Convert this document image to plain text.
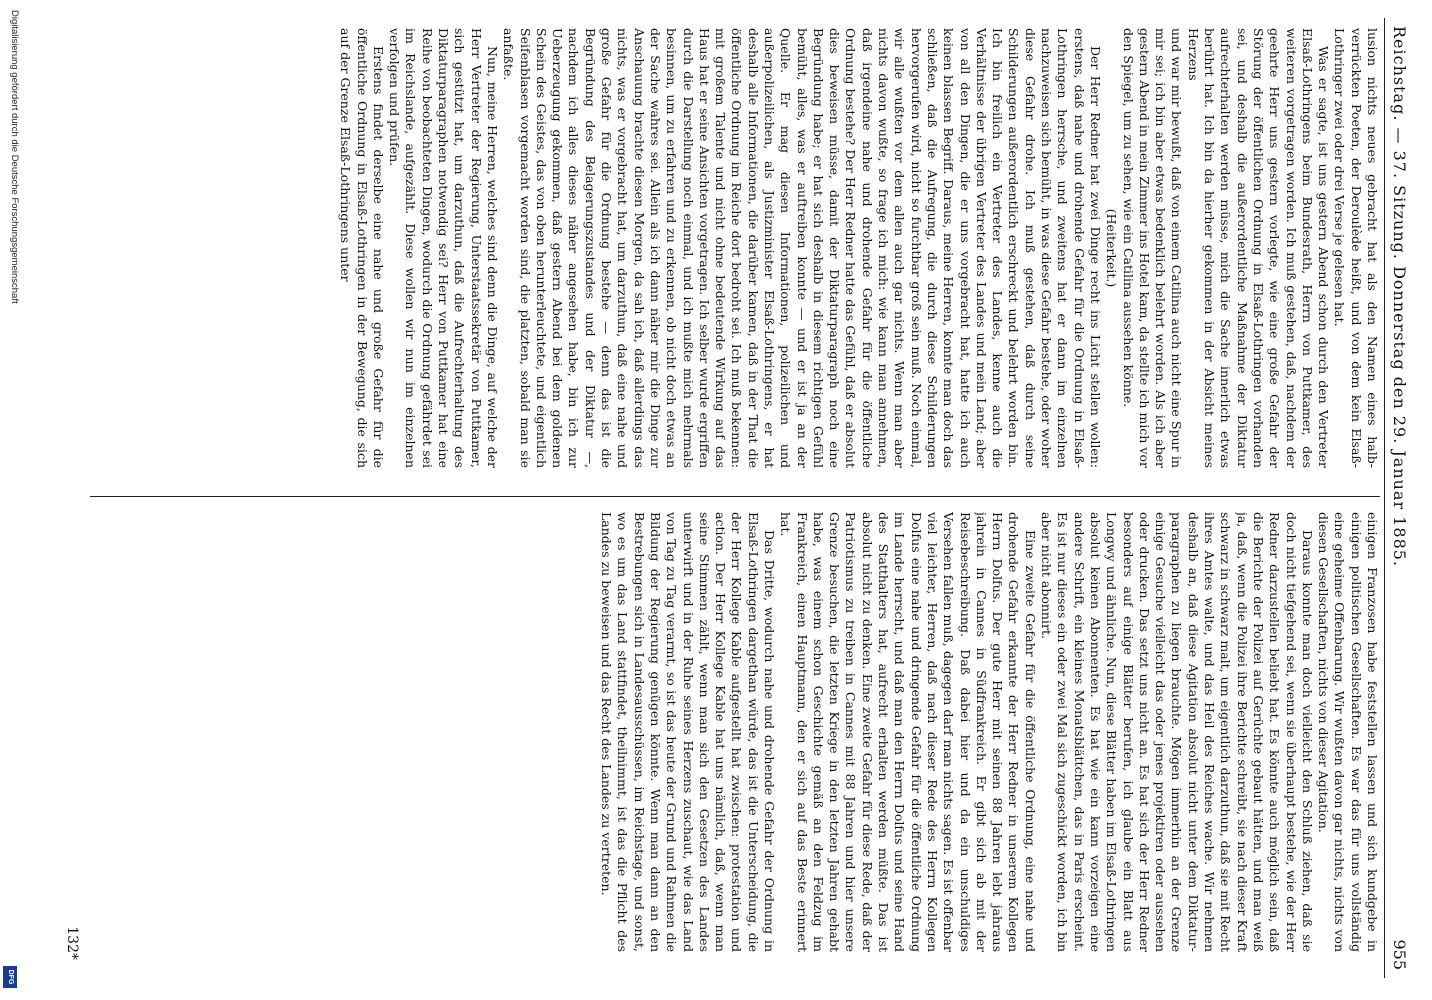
Reichstag. — 37. Sitzung. Donnerstag den 29. Januar 1885.
955

lusion nichts neues gebracht hat als den Namen eines halb-verrückten Poeten, der Deroulède heißt, und von dem kein Elsaß-Lothringer zwei oder drei Verse je gelesen hat.

Was er sagte, ist uns gestern Abend schon durch den Vertreter Elsaß-Lothringens beim Bundesrath, Herrn von Puttkamer, des weiteren vorgetragen worden. Ich muß gestehen, daß, nachdem der geehrte Herr uns gestern vorlegte, wie eine große Gefahr der Störung der öffentlichen Ordnung in Elsaß-Lothringen vorhanden sei, und deshalb die außerordentliche Maßnahme der Diktatur aufrechterhalten werden müsse, mich die Sache innerlich etwas berührt hat. Ich bin da hierher gekommen in der Absicht meines Herzens

und war mir bewußt, daß von einem Catilina auch nicht eine Spur in mir sei; ich bin aber etwas bedenklich belehrt worden. Als ich aber gestern Abend in mein Zimmer ins Hotel kam, da stellte ich mich vor den Spiegel, um zu sehen, wie ein Catilina aussehen könne.

(Heiterkeit.)

Der Herr Redner hat zwei Dinge recht ins Licht stellen wollen: erstens, daß nahe und drohende Gefahr für die Ordnung in Elsaß-Lothringen herrsche, und zweitens hat er dann im einzelnen nachzuweisen sich bemüht, in was diese Gefahr bestehe, oder woher diese Gefahr drohe. Ich muß gestehen, daß durch seine Schilderungen außerordentlich erschreckt und belehrt worden bin. Ich bin freilich ein Vertreter des Landes, kenne auch die Verhältnisse der übrigen Vertreter des Landes und mein Land; aber von all den Dingen, die er uns vorgebracht hat, hatte ich auch keinen blassen Begriff. Daraus, meine Herren, konnte man doch das schließen, daß die Aufregung, die durch diese Schilderungen hervorgerufen wird, nicht so furchtbar groß sein muß. Noch einmal, wir alle wußten vor dem allen auch gar nichts. Wenn man aber nichts davon wußte, so frage ich mich: wie kann man annehmen, daß irgendeine nahe und drohende Gefahr für die öffentliche Ordnung bestehe? Der Herr Redner hatte das Gefühl, daß er absolut dies beweisen müsse, damit der Diktaturparagraph noch eine Begründung habe; er hat sich deshalb in diesem richtigen Gefühl bemüht, alles, was er auftreiben konnte — und er ist ja an der Quelle. Er mag diesen Informationen, polizeilichen und außerpolizeilichen, als Justizminister Elsaß-Lothringens, er hat deshalb alle Informationen, die darüber kamen, daß in der That die öffentliche Ordnung im Reiche dort bedroht sei. Ich muß bekennen: mit großem Talente und nicht ohne bedeutende Wirkung auf das Haus hat er seine Ansichten vorgetragen. Ich selber wurde ergriffen durch die Darstellung noch einmal, und ich mußte mich mehrmals besinnen, um zu erfahren und zu erkennen, ob nicht doch etwas an der Sache wahres sei. Allein als ich dann näher mir die Dinge zur Anschauung brachte diesen Morgen, da sah ich, daß allerdings das nichts, was er vorgebracht hat, um darzuthun, daß eine nahe und große Gefahr für die Ordnung bestehe — denn das ist die Begründung des Belagerungszustandes und der Diktatur —, nachdem ich alles dieses näher angesehen habe, bin ich zur Ueberzeugung gekommen, daß gestern Abend bei dem goldenen Schein des Geistes, das von oben herunterleuchtete, und eigentlich Seifenblasen vorgemacht worden sind, die platzten, sobald man sie anfaßte.

Nun, meine Herren, welches sind denn die Dinge, auf welche der Herr Vertreter der Regierung, Unterstaatssekretär von Puttkamer, sich gestützt hat, um darzuthun, daß die Aufrechterhaltung des Diktaturparagraphen notwendig sei? Herr von Puttkamer hat eine Reihe von beobachteten Dingen, wodurch die Ordnung gefährdet sei im Reichslande, aufgezählt. Diese wollen wir nun im einzelnen verfolgen und prüfen.

Erstens findet derselbe eine nahe und große Gefahr für die öffentliche Ordnung in Elsaß-Lothringen in der Bewegung, die sich auf der Grenze Elsaß-Lothringens unter

einigen Franzosen habe feststellen lassen und sich kundgebe in einigen politischen Gesellschaften. Es war das für uns vollständig eine geheime Offenbarung. Wir wußten davon gar nichts, nichts von diesen Gesellschaften, nichts von dieser Agitation.

Daraus konnte man doch vielleicht den Schluß ziehen, daß sie doch nicht tiefgehend sei, wenn sie überhaupt bestehe, wie der Herr Redner darzustellen beliebt hat. Es könnte auch möglich sein, daß die Berichte der Polizei auf Gerüchte gebaut hätten, und man weiß ja, daß, wenn die Polizei ihre Berichte schreibt, sie nach dieser Kraft schwarz in schwarz malt, um eigentlich darzuthun, daß sie mit Recht ihres Amtes walte, und das Heil des Reiches wache. Wir nehmen deshalb an, daß diese Agitation absolut nicht unter dem Diktatur-paragraphen zu liegen brauchte. Mögen immerhin an der Grenze einige Gesuche vielleicht das oder jenes projektiren oder aussehen oder drucken. Das setzt uns nicht an. Es hat sich der Herr Redner besonders auf einige Blätter berufen, ich glaube ein Blatt aus Longwy und ähnliche. Nun, diese Blätter haben im Elsaß-Lothringen absolut keinen Abonnenten. Es hat wie ein kann vorzeigen eine andere Schrift, ein kleines Monatsblättchen, das in Paris erscheint. Es ist nur dieses ein oder zwei Mal sich zugeschickt worden, ich bin aber nicht abonnirt.

Eine zweite Gefahr für die öffentliche Ordnung, eine nahe und drohende Gefahr erkannte der Herr Redner in unserem Kollegen Herrn Dolfus. Der gute Herr mit seinen 88 Jahren lebt jahraus jahrein in Cannes in Südfrankreich. Er gibt sich ab mit der Reisebeschreibung. Daß dabei hier und da ein unschuldiges Versehen fallen muß, dagegen darf man nichts sagen. Es ist offenbar viel leichter, Herren, daß nach dieser Rede des Herrn Kollegen Dolfus eine nahe und dringende Gefahr für die öffentliche Ordnung im Lande herrscht, und daß man den Herrn Dolfus und seine Hand des Statthalters hat, aufrecht erhalten werden müßte. Das ist absolut nicht zu denken. Eine zweite Gefahr für diese Rede, daß der Patriotismus zu treiben in Cannes mit 88 Jahren und hier unsere Grenze besuchen, die letzten Kriege in den letzten Jahren gehabt habe, was einem schon Geschichte gemäß an den Feldzug im Frankreich, einen Hauptmann, den er sich auf das Beste erinnert hat.

Das Dritte, wodurch nahe und drohende Gefahr der Ordnung in Elsaß-Lothringen dargethan würde, das ist die Unterscheidung, die der Herr Kollege Kable aufgestellt hat zwischen: protestation und action. Der Herr Kollege Kable hat uns nämlich, daß, wenn man seine Stimmen zählt, wenn man sich den Gesetzen des Landes unterwirft und in der Ruhe seines Herzens zuschaut, wie das Land von Tag zu Tag verarmt, so ist das heute der Grund und Rahmen die Bildung der Regierung genügen könnte. Wenn man dann an den Bestrebungen sich in Landesausschüssen, im Reichstage, und sonst, wo es um das Land stattfindet, theilnimmt, ist das die Pflicht des Landes zu beweisen und das Recht des Landes zu vertreten.

132*
Digitalisierung gefördert durch die Deutsche Forschungsgemeinschaft
DFG
